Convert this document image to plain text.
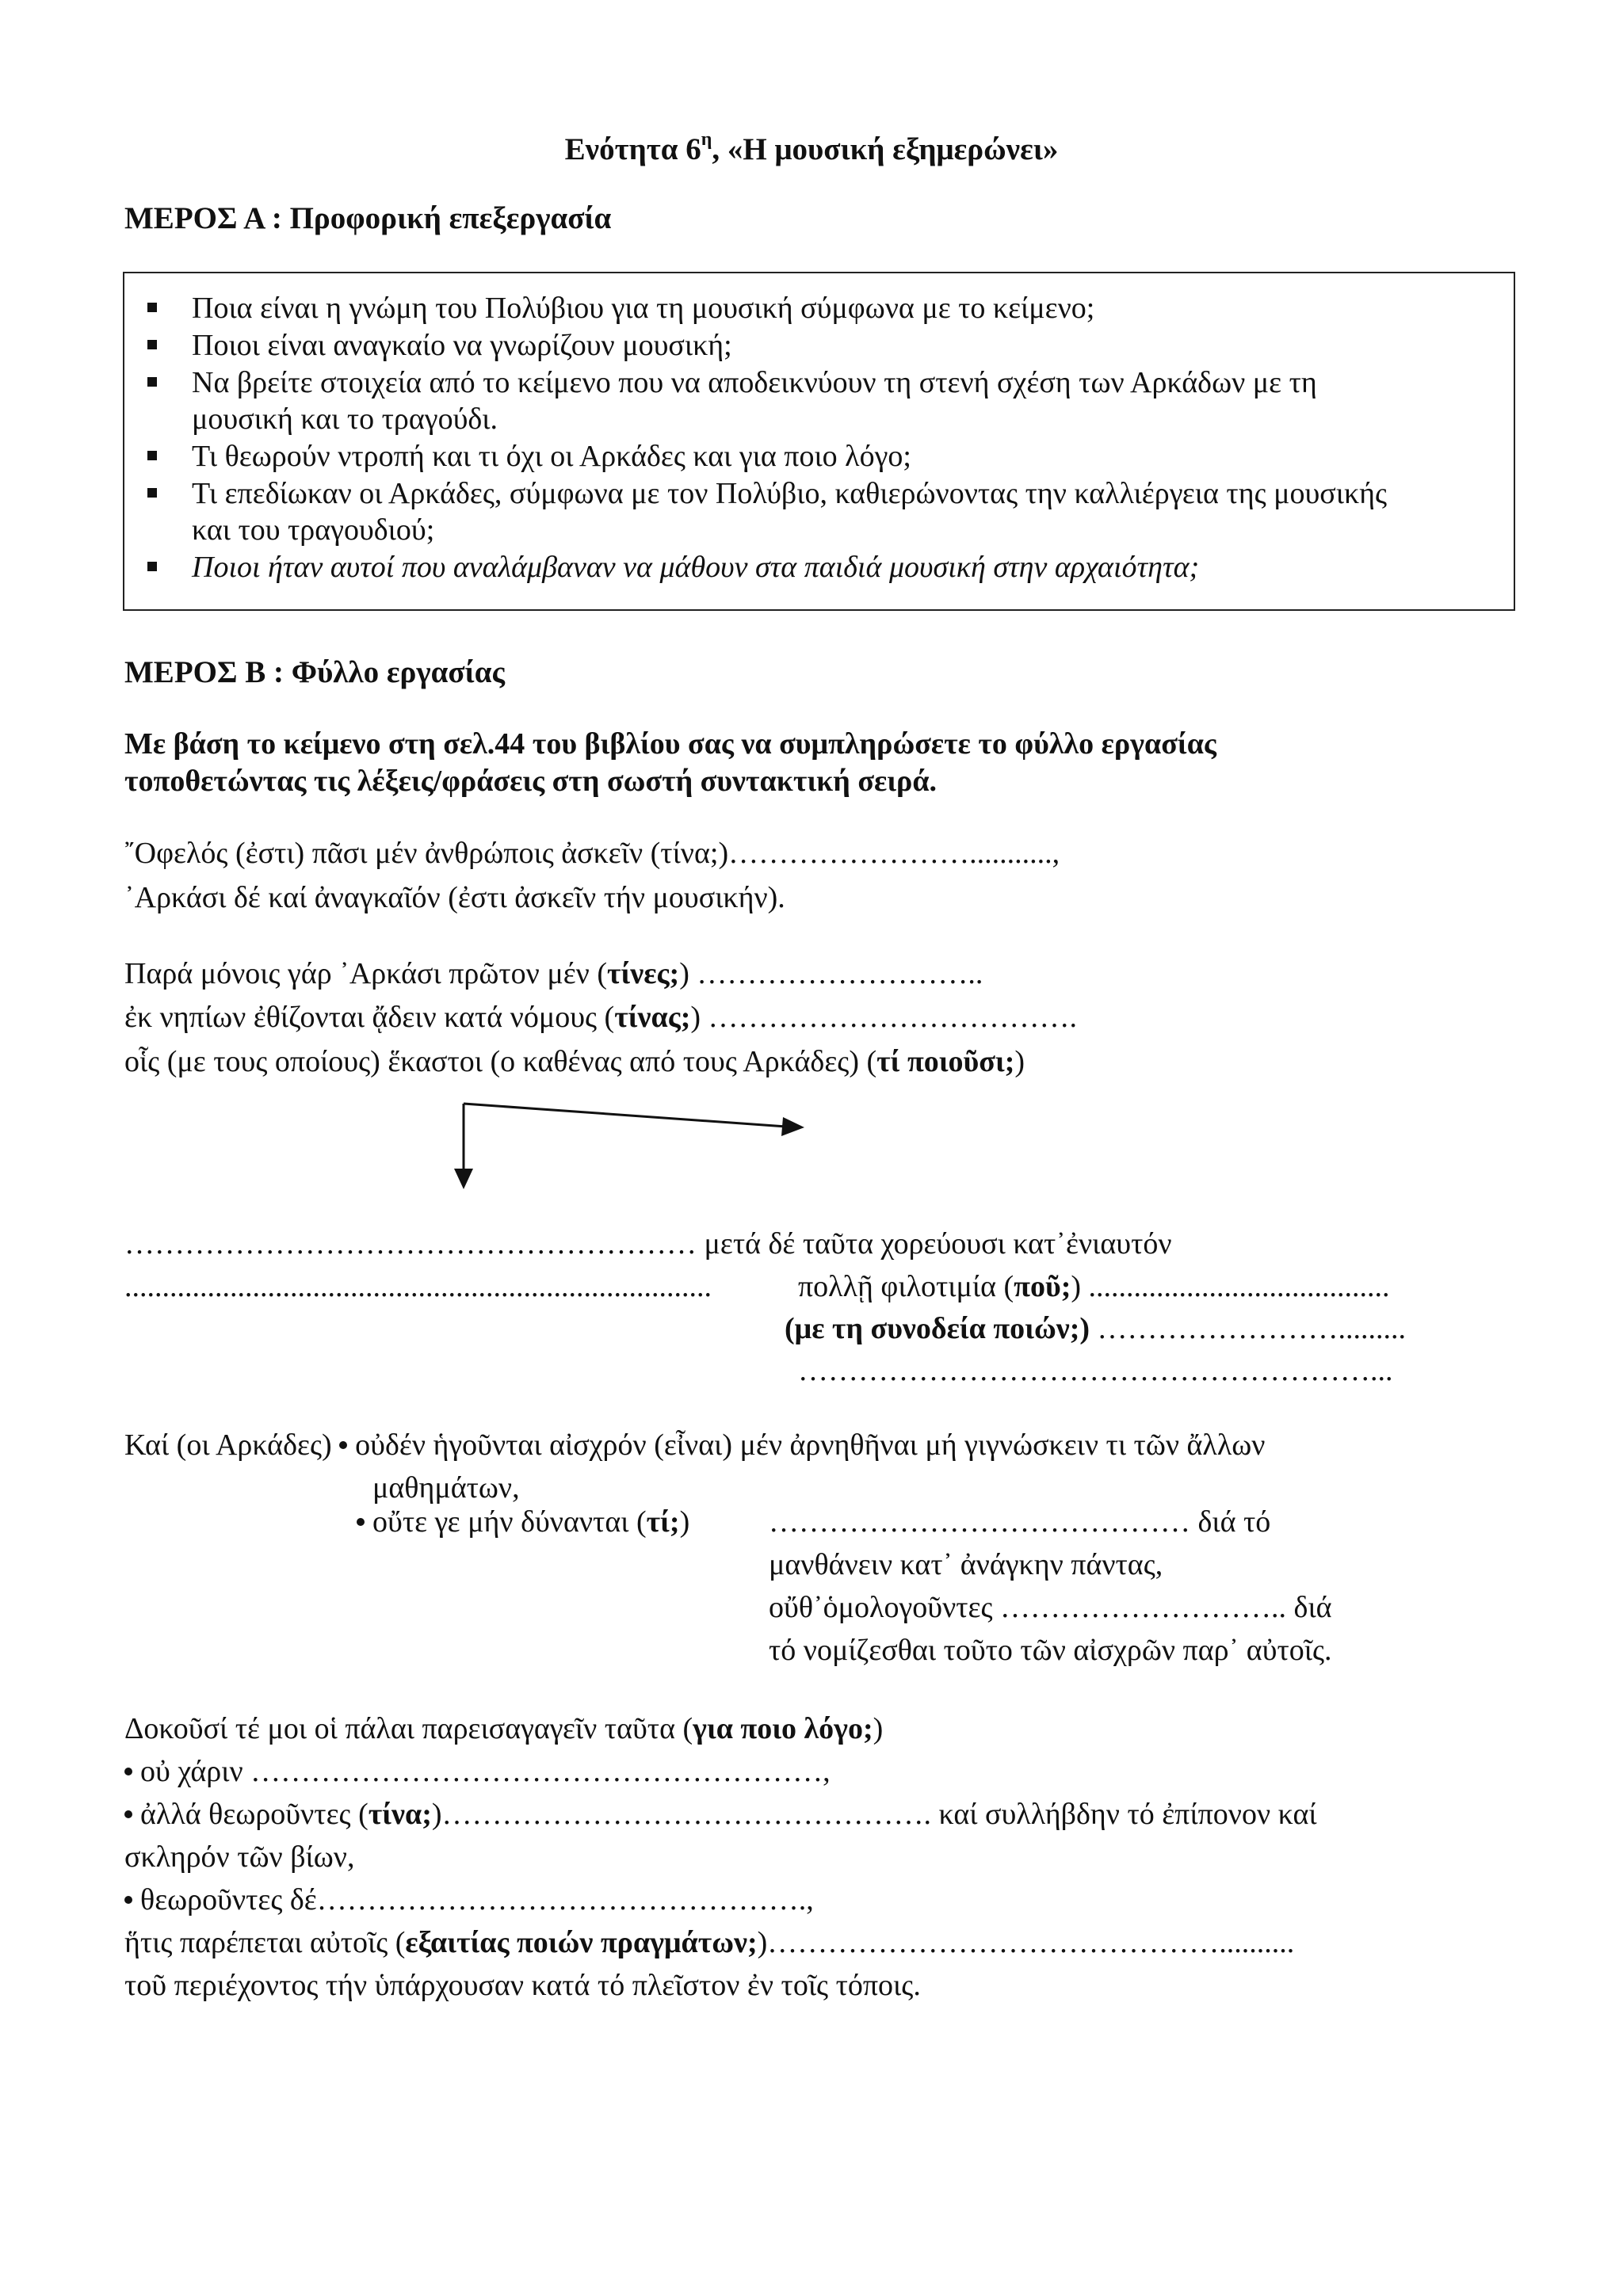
Ενότητα $6^\eta$, «Η μουσική εξημερώνει»
ΜΕΡΟΣ Α : Προφορική επεξεργασία
Ποια είναι η γνώμη του Πολύβιου για τη μουσική σύμφωνα με το κείμενο;
Ποιοι είναι αναγκαίο να γνωρίζουν μουσική;
Να βρείτε στοιχεία από το κείμενο που να αποδεικνύουν τη στενή σχέση των Αρκάδων με τη
μουσική και το τραγούδι.
Τι θεωρούν ντροπή και τι όχι οι Αρκάδες και για ποιο λόγο;
Τι επεδίωκαν οι Αρκάδες, σύμφωνα με τον Πολύβιο, καθιερώνοντας την καλλιέργεια της μουσικής
και του τραγουδιού;
Ποιοι ήταν αυτοί που αναλάμβαναν να μάθουν στα παιδιά μουσική στην αρχαιότητα;
ΜΕΡΟΣ Β : Φύλλο εργασίας
Με βάση το κείμενο στη σελ.44 του βιβλίου σας να συμπληρώσετε το φύλλο εργασίας
τοποθετώντας τις λέξεις/φράσεις στη σωστή συντακτική σειρά.
῎Οφελός (ἐστι) πᾶσι μέν ἀνθρώποις ἀσκεῖν (τίνα;)……………………...........,
᾽Αρκάσι δέ καί ἀναγκαῖόν (ἐστι ἀσκεῖν τήν μουσικήν).
Παρά μόνοις γάρ ᾽Αρκάσι πρῶτον μέν (τίνες;) ………………………..
ἐκ νηπίων ἐθίζονται ᾄδειν κατά νόμους (τίνας;) ……………………………….
οἷς (με τους οποίους) ἕκαστοι (ο καθένας από τους Αρκάδες) (τί ποιοῦσι;)
………………………………………………… μετά δέ ταῦτα χορεύουσι κατ᾽ἐνιαυτόν
..............................................................................	πολλῇ φιλοτιμία (ποῦ;) ........................................
(με τη συνοδεία ποιών;) …………………….........
…………………………………………………...
Καί (οι Αρκάδες) οὐδέν ἡγοῦνται αἰσχρόν (εἶναι) μέν ἀρνηθῆναι μή γιγνώσκειν τι τῶν ἄλλων
μαθημάτων,
οὔτε γε μήν δύνανται (τί;)	…………………………………… διά τό
μανθάνειν κατ᾽ ἀνάγκην πάντας,
οὔθ᾽ὁμολογοῦντες ……………………….. διά
τό νομίζεσθαι τοῦτο τῶν αἰσχρῶν παρ᾽ αὐτοῖς.
Δοκοῦσί τέ μοι οἱ πάλαι παρεισαγαγεῖν ταῦτα (για ποιο λόγο;)
οὐ χάριν …………………………………………………,
ἀλλά θεωροῦντες (τίνα;)…………………………………………. καί συλλήβδην τό ἐπίπονον καί
σκληρόν τῶν βίων,
θεωροῦντες δέ………………………………………….,
ἥτις παρέπεται αὐτοῖς (εξαιτίας ποιών πραγμάτων;)………………………………………..........
τοῦ περιέχοντος τήν ὑπάρχουσαν κατά τό πλεῖστον ἐν τοῖς τόποις.
